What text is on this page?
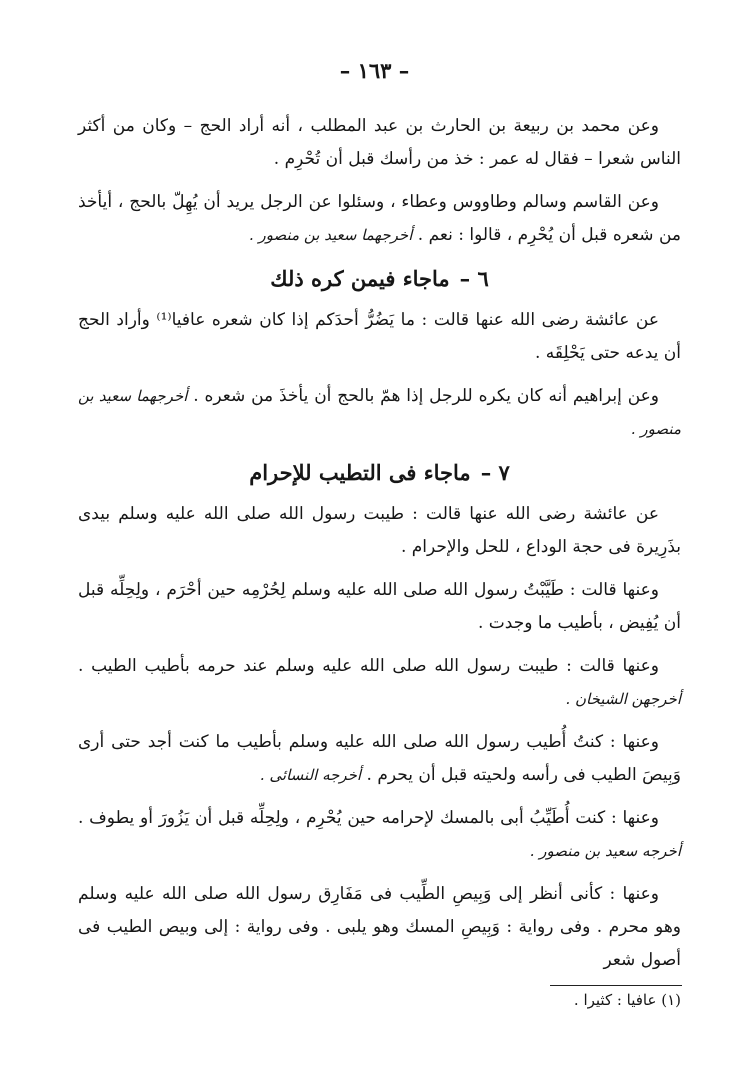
– ١٦٣ –

وعن محمد بن ربيعة بن الحارث بن عبد المطلب ، أنه أراد الحج – وكان من أكثر الناس شعرا – فقال له عمر : خذ من رأسك قبل أن تُحْرِم .

وعن القاسم وسالم وطاووس وعطاء ، وسئلوا عن الرجل يريد أن يُهِلّ بالحج ، أيأخذ من شعره قبل أن يُحْرِم ، قالوا : نعم . أخرجهما سعيد بن منصور .

٦ –ماجاء فيمن كره ذلك

عن عائشة رضى الله عنها قالت : ما يَضُرُّ أحدَكم إذا كان شعره عافيا⁽¹⁾ وأراد الحج أن يدعه حتى يَحْلِقَه .

وعن إبراهيم أنه كان يكره للرجل إذا همّ بالحج أن يأخذَ من شعره . أخرجهما سعيد بن منصور .

٧ –ماجاء فى التطيب للإحرام

عن عائشة رضى الله عنها قالت : طيبت رسول الله صلى الله عليه وسلم بيدى بذَرِيرة فى حجة الوداع ، للحل والإحرام .

وعنها قالت : طَيَّبْتُ رسول الله صلى الله عليه وسلم لِحُرْمِه حين أحْرَم ، ولِحِلِّه قبل أن يُفِيض ، بأطيب ما وجدت .

وعنها قالت : طيبت رسول الله صلى الله عليه وسلم عند حرمه بأطيب الطيب . أخرجهن الشيخان .

وعنها : كنتُ أُطيب رسول الله صلى الله عليه وسلم بأطيب ما كنت أجد حتى أرى وَبِيصَ الطيب فى رأسه ولحيته قبل أن يحرم . أخرجه النسائى .

وعنها : كنت أُطَيِّبُ أبى بالمسك لإحرامه حين يُحْرِم ، ولِحِلِّه قبل أن يَزُورَ أو يطوف . أخرجه سعيد بن منصور .

وعنها : كأنى أنظر إلى وَبِيصِ الطِّيب فى مَفَارِق رسول الله صلى الله عليه وسلم وهو محرم . وفى رواية : وَبِيصِ المسك وهو يلبى . وفى رواية : إلى وبيص الطيب فى أصول شعر

(١) عافيا : كثيرا .
